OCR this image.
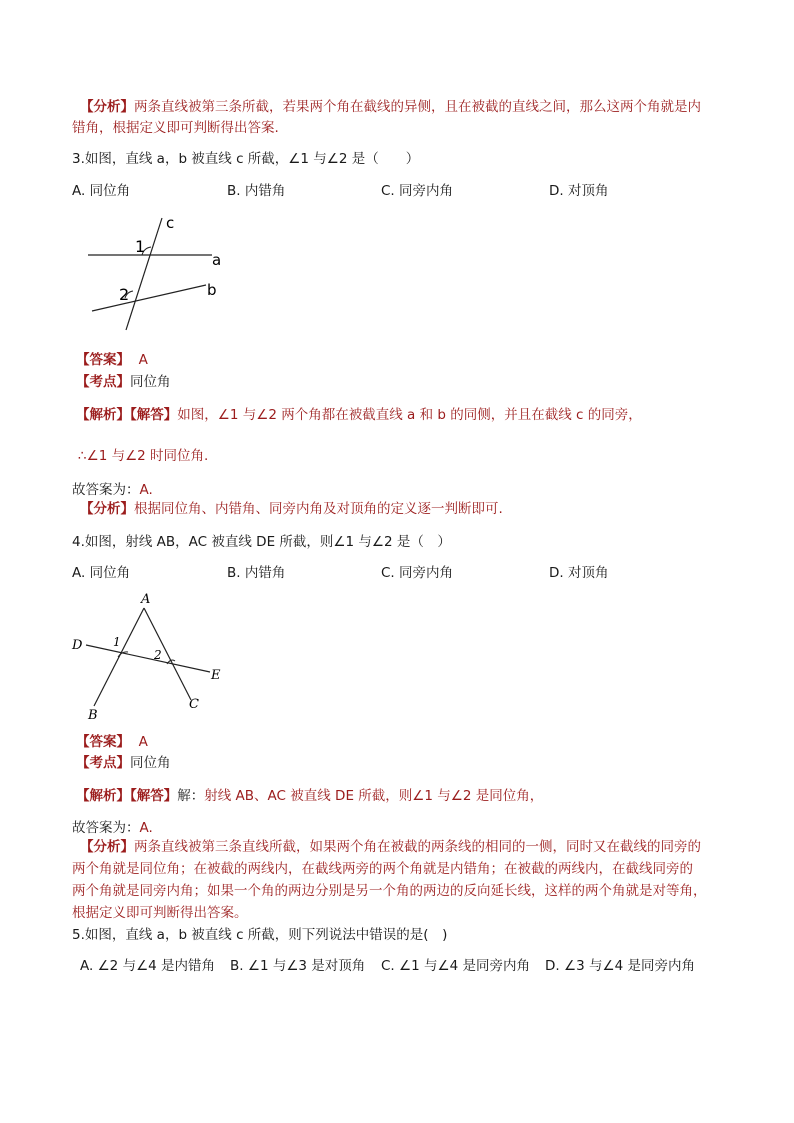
【分析】两条直线被第三条所截，若果两个角在截线的异侧，且在被截的直线之间，那么这两个角就是内
错角，根据定义即可判断得出答案.
3.如图，直线 a，b 被直线 c 所截，∠1 与∠2 是（　　）
A. 同位角	B. 内错角	C. 同旁内角	D. 对顶角
c
1
a
2	b
【答案】 A
【考点】同位角
【解析】【解答】如图，∠1 与∠2 两个角都在被截直线 a 和 b 的同侧，并且在截线 c 的同旁，
∴∠1 与∠2 时同位角.
故答案为：A.
【分析】根据同位角、内错角、同旁内角及对顶角的定义逐一判断即可.
4.如图，射线 AB，AC 被直线 DE 所截，则∠1 与∠2 是（　）
A. 同位角	B. 内错角	C. 同旁内角	D. 对顶角
A
D	1
2
E
B
C
【答案】 A
【考点】同位角
【解析】【解答】解：射线 AB、AC 被直线 DE 所截，则∠1 与∠2 是同位角，
故答案为：A.
【分析】两条直线被第三条直线所截，如果两个角在被截的两条线的相同的一侧，同时又在截线的同旁的
两个角就是同位角；在被截的两线内，在截线两旁的两个角就是内错角；在被截的两线内，在截线同旁的
两个角就是同旁内角；如果一个角的两边分别是另一个角的两边的反向延长线，这样的两个角就是对等角，
根据定义即可判断得出答案。
5.如图，直线 a，b 被直线 c 所截，则下列说法中错误的是(　)
A. ∠2 与∠4 是内错角 B. ∠1 与∠3 是对顶角 C. ∠1 与∠4 是同旁内角 D. ∠3 与∠4 是同旁内角
